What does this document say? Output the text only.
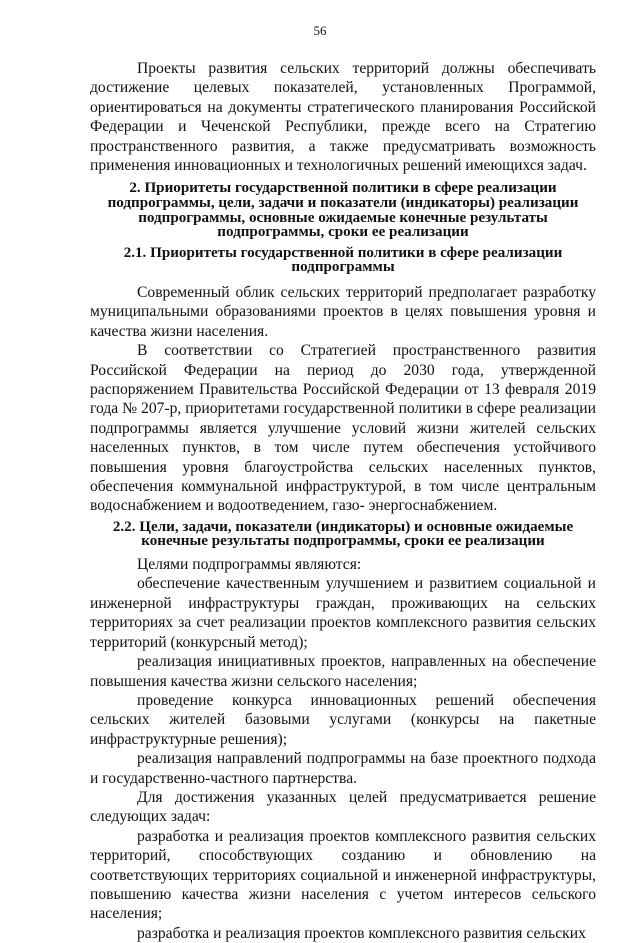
56

Проекты развития сельских территорий должны обеспечивать достижение целевых показателей, установленных Программой, ориентироваться на документы стратегического планирования Российской Федерации и Чеченской Республики, прежде всего на Стратегию пространственного развития, а также предусматривать возможность применения инновационных и технологичных решений имеющихся задач.

2. Приоритеты государственной политики в сфере реализации подпрограммы, цели, задачи и показатели (индикаторы) реализации подпрограммы, основные ожидаемые конечные результаты подпрограммы, сроки ее реализации
2.1. Приоритеты государственной политики в сфере реализации подпрограммы

Современный облик сельских территорий предполагает разработку муниципальными образованиями проектов в целях повышения уровня и качества жизни населения.

В соответствии со Стратегией пространственного развития Российской Федерации на период до 2030 года, утвержденной распоряжением Правительства Российской Федерации от 13 февраля 2019 года № 207-р, приоритетами государственной политики в сфере реализации подпрограммы является улучшение условий жизни жителей сельских населенных пунктов, в том числе путем обеспечения устойчивого повышения уровня благоустройства сельских населенных пунктов, обеспечения коммунальной инфраструктурой, в том числе центральным водоснабжением и водоотведением, газо- энергоснабжением.

2.2. Цели, задачи, показатели (индикаторы) и основные ожидаемые конечные результаты подпрограммы, сроки ее реализации

Целями подпрограммы являются:

обеспечение качественным улучшением и развитием социальной и инженерной инфраструктуры граждан, проживающих на сельских территориях за счет реализации проектов комплексного развития сельских территорий (конкурсный метод);

реализация инициативных проектов, направленных на обеспечение повышения качества жизни сельского населения;

проведение конкурса инновационных решений обеспечения сельских жителей базовыми услугами (конкурсы на пакетные инфраструктурные решения);

реализация направлений подпрограммы на базе проектного подхода и государственно-частного партнерства.

Для достижения указанных целей предусматривается решение следующих задач:

разработка и реализация проектов комплексного развития сельских территорий, способствующих созданию и обновлению на соответствующих территориях социальной и инженерной инфраструктуры, повышению качества жизни населения с учетом интересов сельского населения;

разработка и реализация проектов комплексного развития сельских
